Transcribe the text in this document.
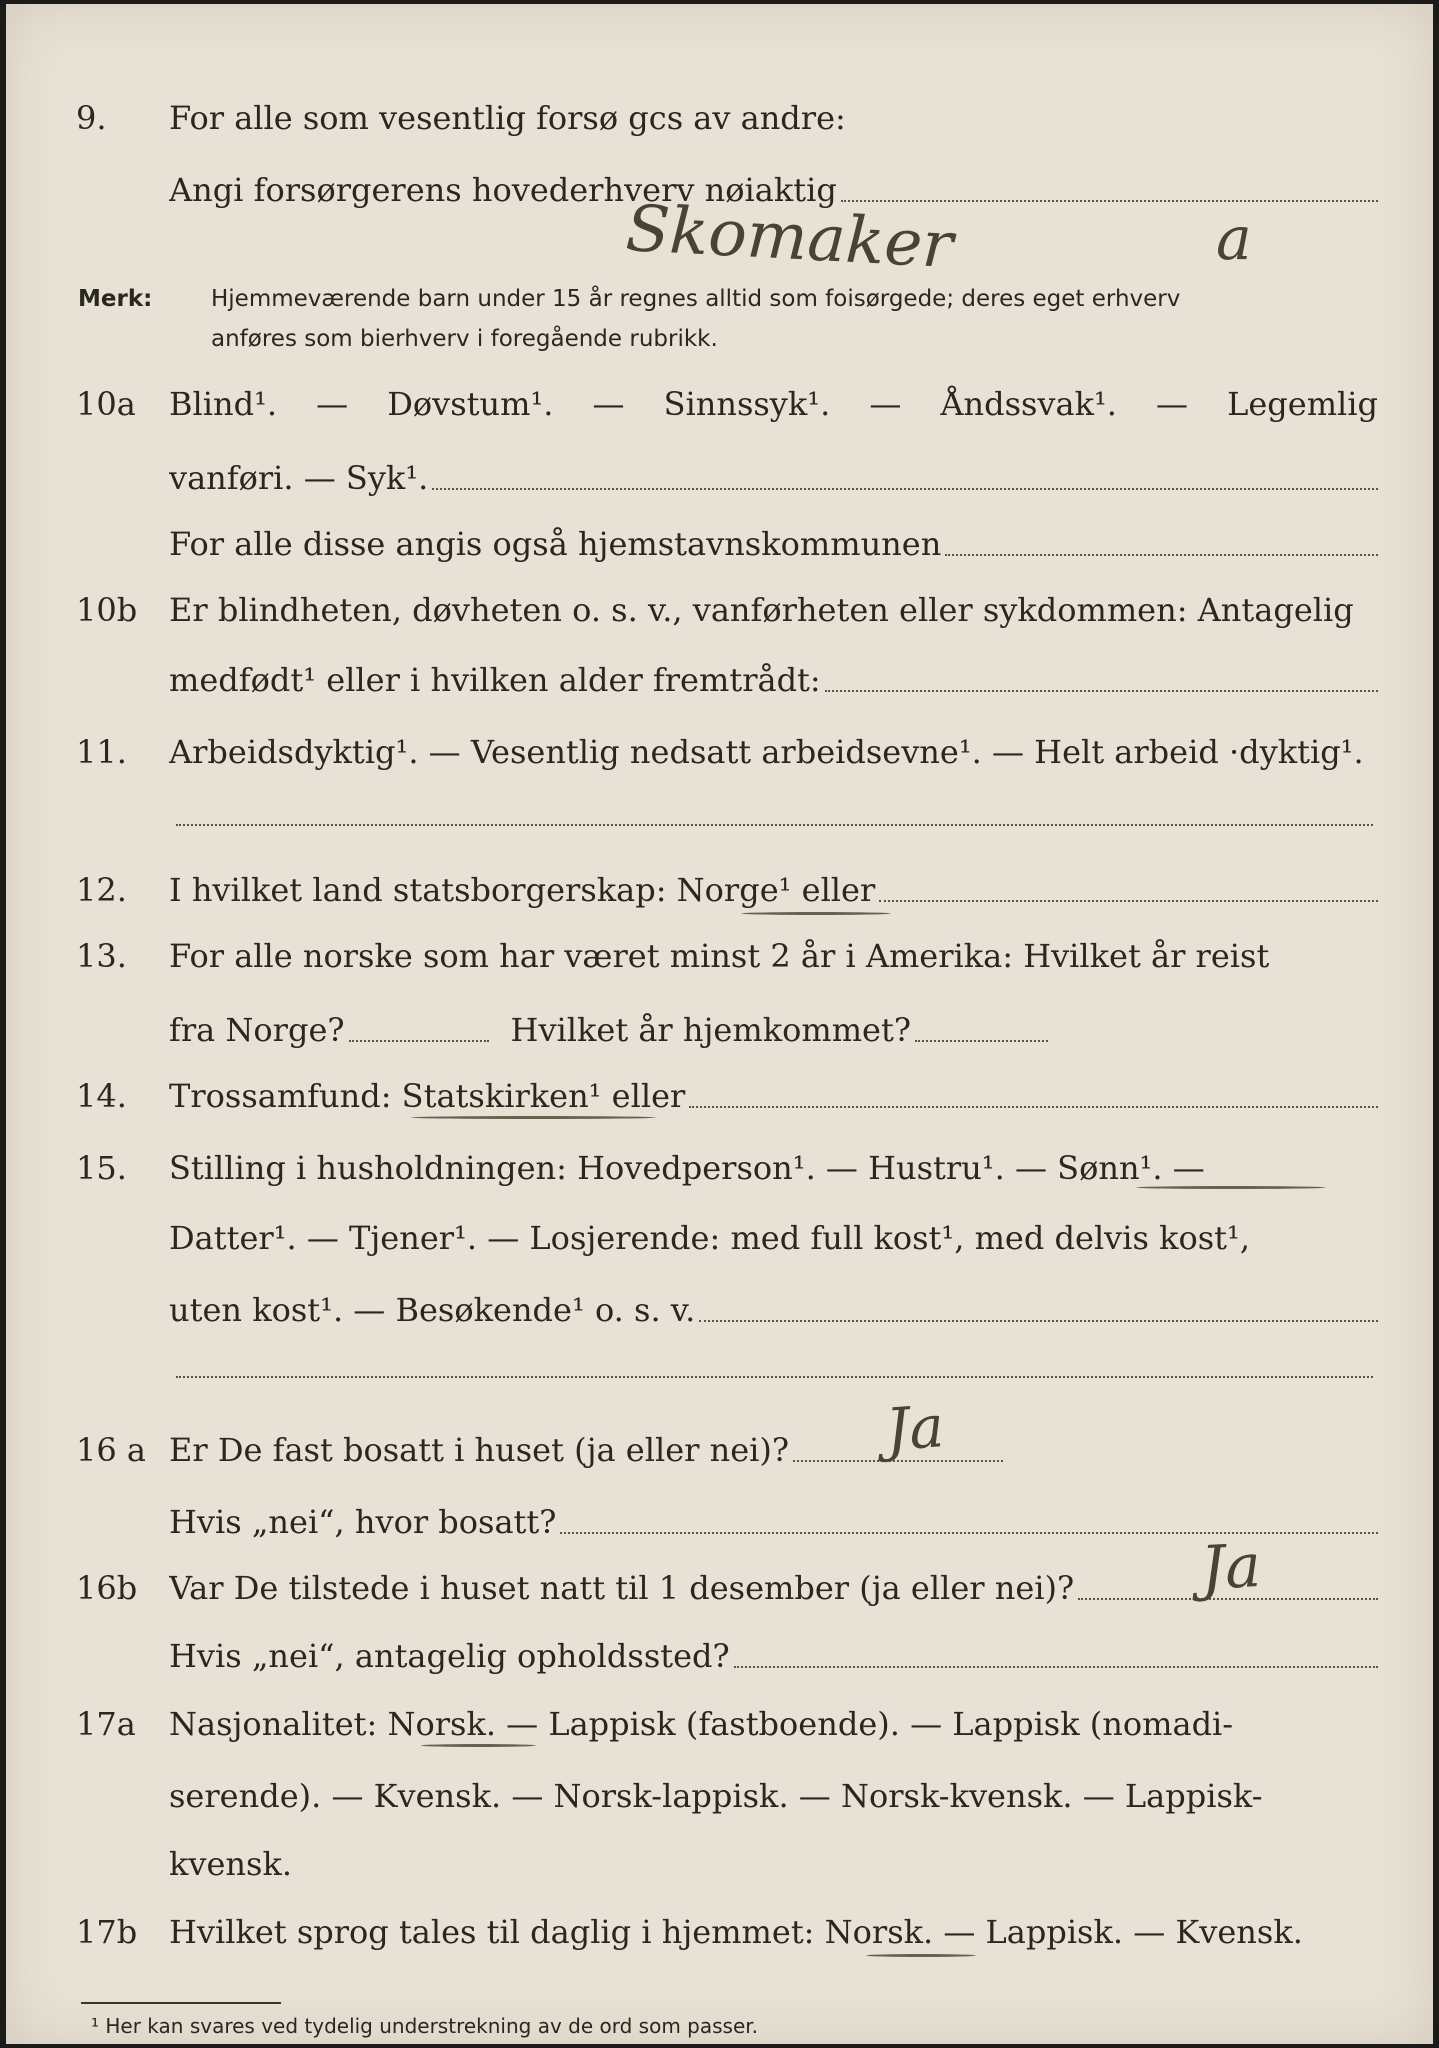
9.	For alle som vesentlig forsø gcs av andre:
Angi forsørgerens hovederhverv nøiaktig
Skomaker	a
Merk:	Hjemmeværende barn under 15 år regnes alltid som foisørgede; deres eget erhverv
anføres som bierhverv i foregående rubrikk.
10a	Blind¹. — Døvstum¹. — Sinnssyk¹. — Åndssvak¹. — Legemlig
vanføri. — Syk¹.
For alle disse angis også hjemstavnskommunen
10b Er blindheten, døvheten o. s. v., vanførheten eller sykdommen: Antagelig
medfødt¹ eller i hvilken alder fremtrådt:
11.	Arbeidsdyktig¹. — Vesentlig nedsatt arbeidsevne¹. — Helt arbeid ·dyktig¹.
12.	I hvilket land statsborgerskap: Norge¹ eller
13.	For alle norske som har været minst 2 år i Amerika: Hvilket år reist
fra Norge?	Hvilket år hjemkommet?
14.	Trossamfund: Statskirken¹ eller
15.	Stilling i husholdningen: Hovedperson¹. — Hustru¹. — Sønn¹. —
Datter¹. — Tjener¹. — Losjerende: med full kost¹, med delvis kost¹,
uten kost¹. — Besøkende¹ o. s. v.
16 a Er De fast bosatt i huset (ja eller nei)? Ja
Hvis „nei“, hvor bosatt?
16b Var De tilstede i huset natt til 1 desember (ja eller nei)? Ja
Hvis „nei“, antagelig opholdssted?
17a	Nasjonalitet: Norsk. — Lappisk (fastboende). — Lappisk (nomadi-
serende). — Kvensk. — Norsk-lappisk. — Norsk-kvensk. — Lappisk-
kvensk.
17b Hvilket sprog tales til daglig i hjemmet: Norsk. — Lappisk. — Kvensk.
¹ Her kan svares ved tydelig understrekning av de ord som passer.
